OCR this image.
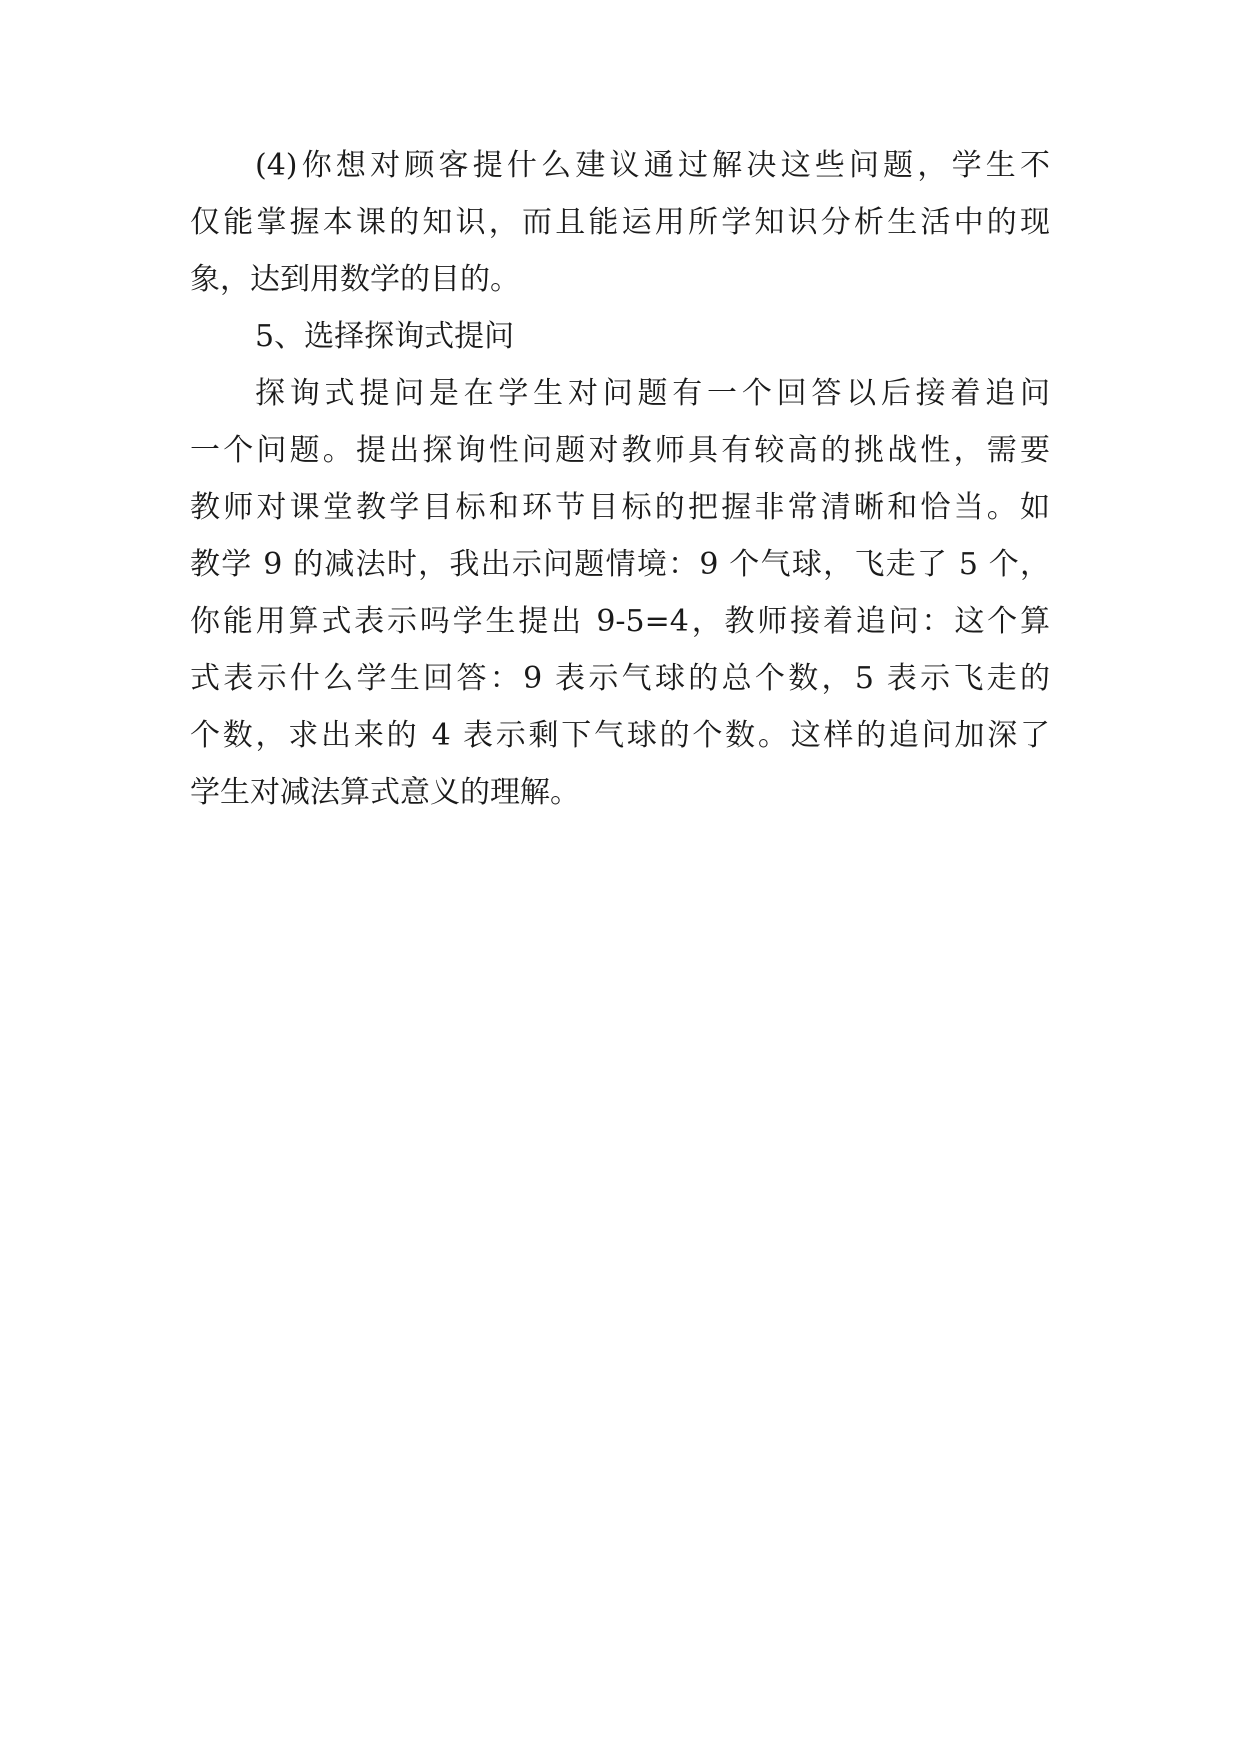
(4)你想对顾客提什么建议通过解决这些问题，学生不
仅能掌握本课的知识，而且能运用所学知识分析生活中的现
象，达到用数学的目的。
5、选择探询式提问
探询式提问是在学生对问题有一个回答以后接着追问
一个问题。提出探询性问题对教师具有较高的挑战性，需要
教师对课堂教学目标和环节目标的把握非常清晰和恰当。如
教学 9 的减法时，我出示问题情境：9 个气球，飞走了 5 个，
你能用算式表示吗学生提出 9-5=4，教师接着追问：这个算
式表示什么学生回答：9 表示气球的总个数，5 表示飞走的
个数，求出来的 4 表示剩下气球的个数。这样的追问加深了
学生对减法算式意义的理解。
